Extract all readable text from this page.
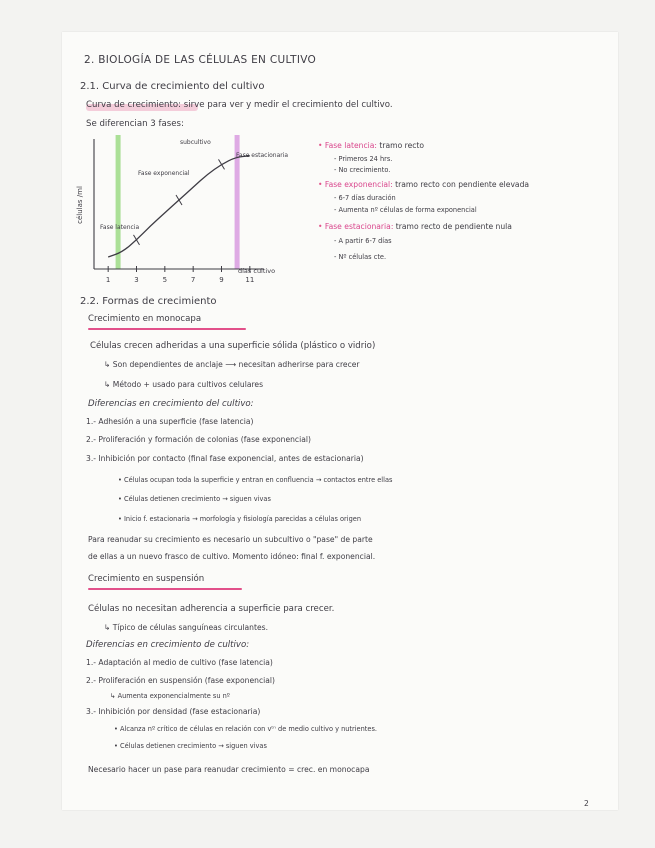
2. BIOLOGÍA DE LAS CÉLULAS EN CULTIVO
2.1. Curva de crecimiento del cultivo
Curva de crecimiento: sirve para ver y medir el crecimiento del cultivo.
Se diferencian 3 fases:
1	3	5	7	9	11
células /ml
días cultivo
Fase latencia
Fase exponencial
subcultivo
Fase estacionaria
• Fase latencia: tramo recto
- Primeros 24 hrs.
- No crecimiento.
• Fase exponencial: tramo recto con pendiente elevada
- 6-7 días duración
- Aumenta nº células de forma exponencial
• Fase estacionaria: tramo recto de pendiente nula
- A partir 6-7 días
- Nº células cte.
2.2. Formas de crecimiento
Crecimiento en monocapa
Células crecen adheridas a una superficie sólida (plástico o vidrio)
↳ Son dependientes de anclaje ⟶ necesitan adherirse para crecer
↳ Método + usado para cultivos celulares
Diferencias en crecimiento del cultivo:
1.- Adhesión a una superficie (fase latencia)
2.- Proliferación y formación de colonias (fase exponencial)
3.- Inhibición por contacto (final fase exponencial, antes de estacionaria)
• Células ocupan toda la superficie y entran en confluencia → contactos entre ellas
• Células detienen crecimiento → siguen vivas
• Inicio f. estacionaria → morfología y fisiología parecidas a células origen
Para reanudar su crecimiento es necesario un subcultivo o "pase" de parte
de ellas a un nuevo frasco de cultivo. Momento idóneo: final f. exponencial.
Crecimiento en suspensión
Células no necesitan adherencia a superficie para crecer.
↳ Típico de células sanguíneas circulantes.
Diferencias en crecimiento de cultivo:
1.- Adaptación al medio de cultivo (fase latencia)
2.- Proliferación en suspensión (fase exponencial)
↳ Aumenta exponencialmente su nº
3.- Inhibición por densidad (fase estacionaria)
• Alcanza nº crítico de células en relación con vᵗⁿ de medio cultivo y nutrientes.
• Células detienen crecimiento → siguen vivas
Necesario hacer un pase para reanudar crecimiento = crec. en monocapa
2
